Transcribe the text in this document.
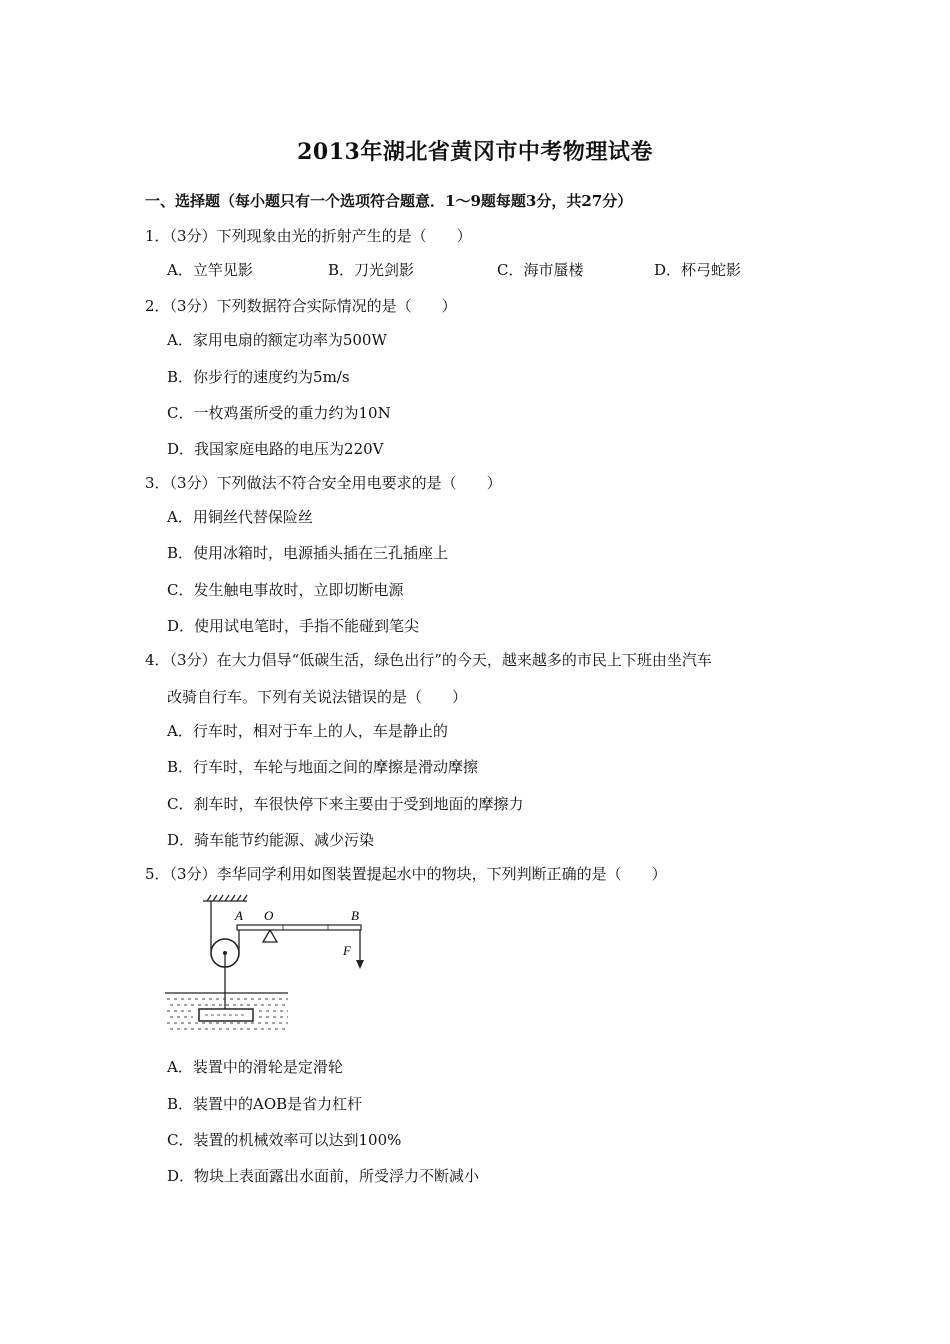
2013年湖北省黄冈市中考物理试卷
一、选择题（每小题只有一个选项符合题意．1～9题每题3分，共27分）
1．（3分）下列现象由光的折射产生的是（　　）
A．立竿见影	B．刀光剑影	C．海市蜃楼	D．杯弓蛇影
2．（3分）下列数据符合实际情况的是（　　）
A．家用电扇的额定功率为500W
B．你步行的速度约为5m/s
C．一枚鸡蛋所受的重力约为10N
D．我国家庭电路的电压为220V
3．（3分）下列做法不符合安全用电要求的是（　　）
A．用铜丝代替保险丝
B．使用冰箱时，电源插头插在三孔插座上
C．发生触电事故时，立即切断电源
D．使用试电笔时，手指不能碰到笔尖
4．（3分）在大力倡导“低碳生活，绿色出行”的今天，越来越多的市民上下班由坐汽车
改骑自行车。下列有关说法错误的是（　　）
A．行车时，相对于车上的人，车是静止的
B．行车时，车轮与地面之间的摩擦是滑动摩擦
C．刹车时，车很快停下来主要由于受到地面的摩擦力
D．骑车能节约能源、减少污染
5．（3分）李华同学利用如图装置提起水中的物块，下列判断正确的是（　　）
A O	B
F
A．装置中的滑轮是定滑轮
B．装置中的AOB是省力杠杆
C．装置的机械效率可以达到100%
D．物块上表面露出水面前，所受浮力不断减小
